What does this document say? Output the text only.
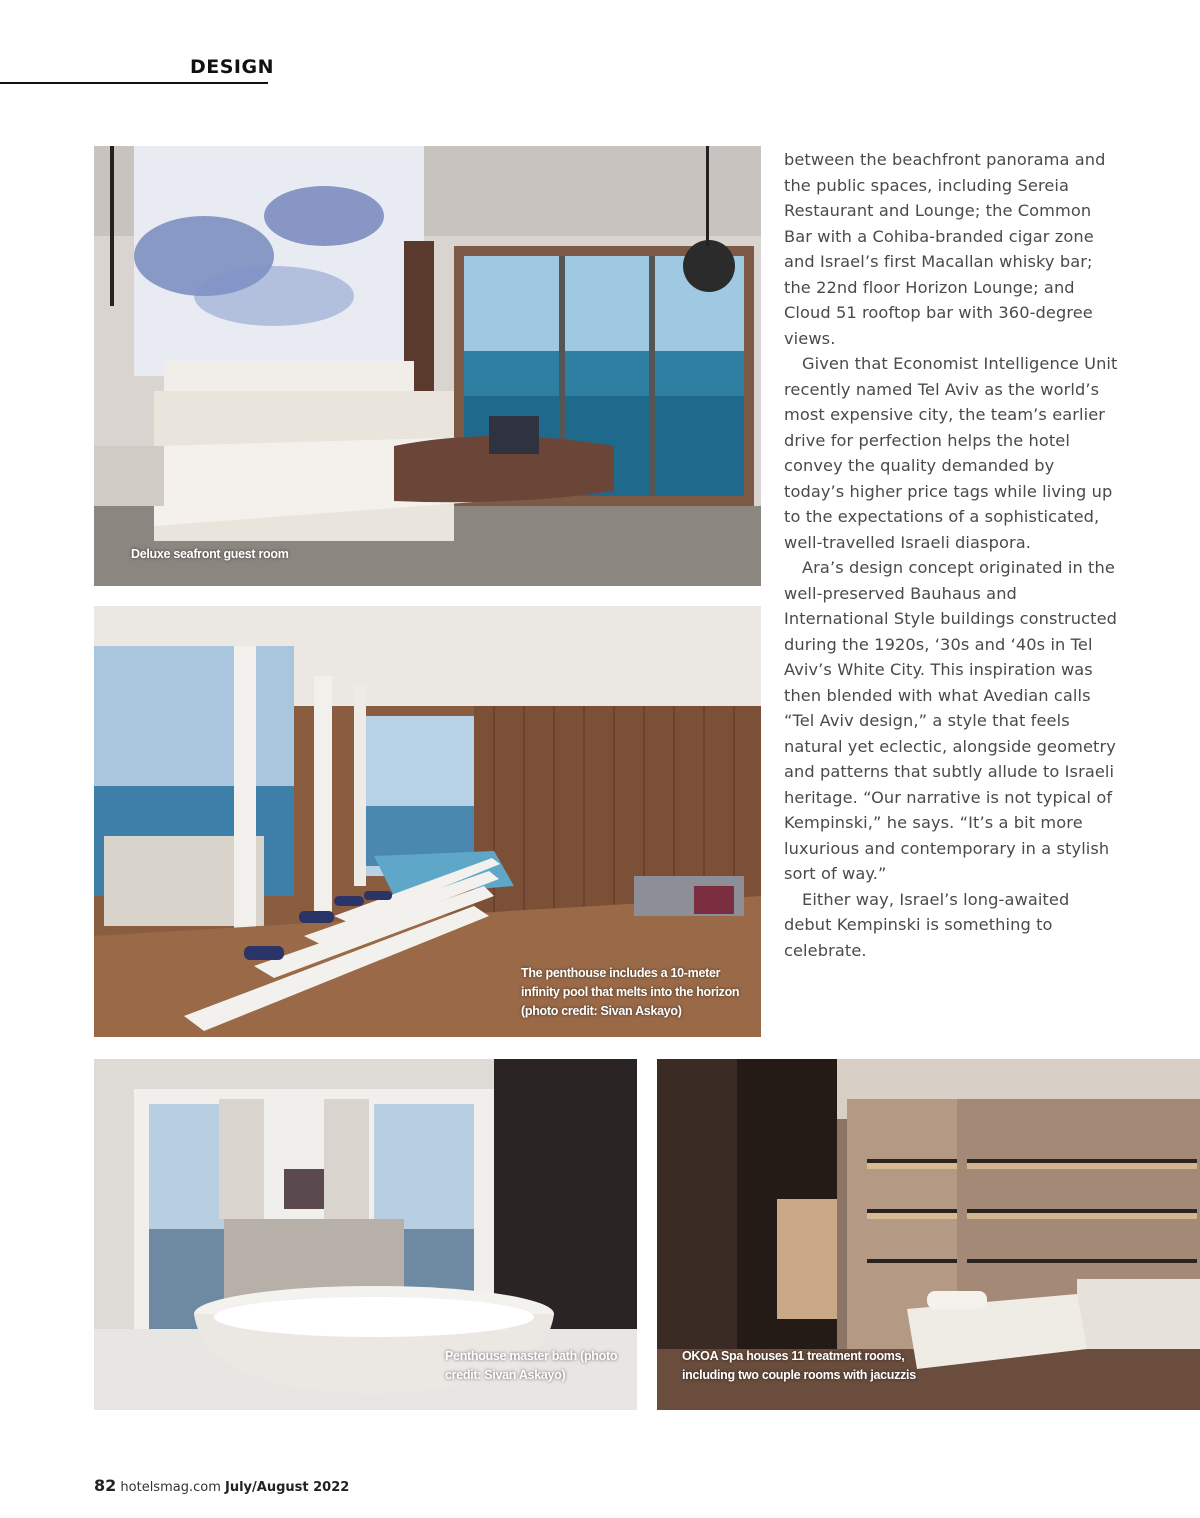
DESIGN
Deluxe seafront guest room
The penthouse includes a 10-meter infinity pool that melts into the horizon (photo credit: Sivan Askayo)
Penthouse master bath (photo credit: Sivan Askayo)
OKOA Spa houses 11 treatment rooms, including two couple rooms with jacuzzis

between the beachfront panorama and the public spaces, including Sereia Restaurant and Lounge; the Common Bar with a Cohiba-branded cigar zone and Israel’s first Macallan whisky bar; the 22nd floor Horizon Lounge; and Cloud 51 rooftop bar with 360-degree views.

Given that Economist Intelligence Unit recently named Tel Aviv as the world’s most expensive city, the team’s earlier drive for perfection helps the hotel convey the quality demanded by today’s higher price tags while living up to the expectations of a sophisticated, well-travelled Israeli diaspora.

Ara’s design concept originated in the well-preserved Bauhaus and International Style buildings constructed during the 1920s, ‘30s and ‘40s in Tel Aviv’s White City. This inspiration was then blended with what Avedian calls “Tel Aviv design,” a style that feels natural yet eclectic, alongside geometry and patterns that subtly allude to Israeli heritage. “Our narrative is not typical of Kempinski,” he says. “It’s a bit more luxurious and contemporary in a stylish sort of way.”

Either way, Israel’s long-awaited debut Kempinski is something to celebrate.

82 hotelsmag.com July/August 2022
